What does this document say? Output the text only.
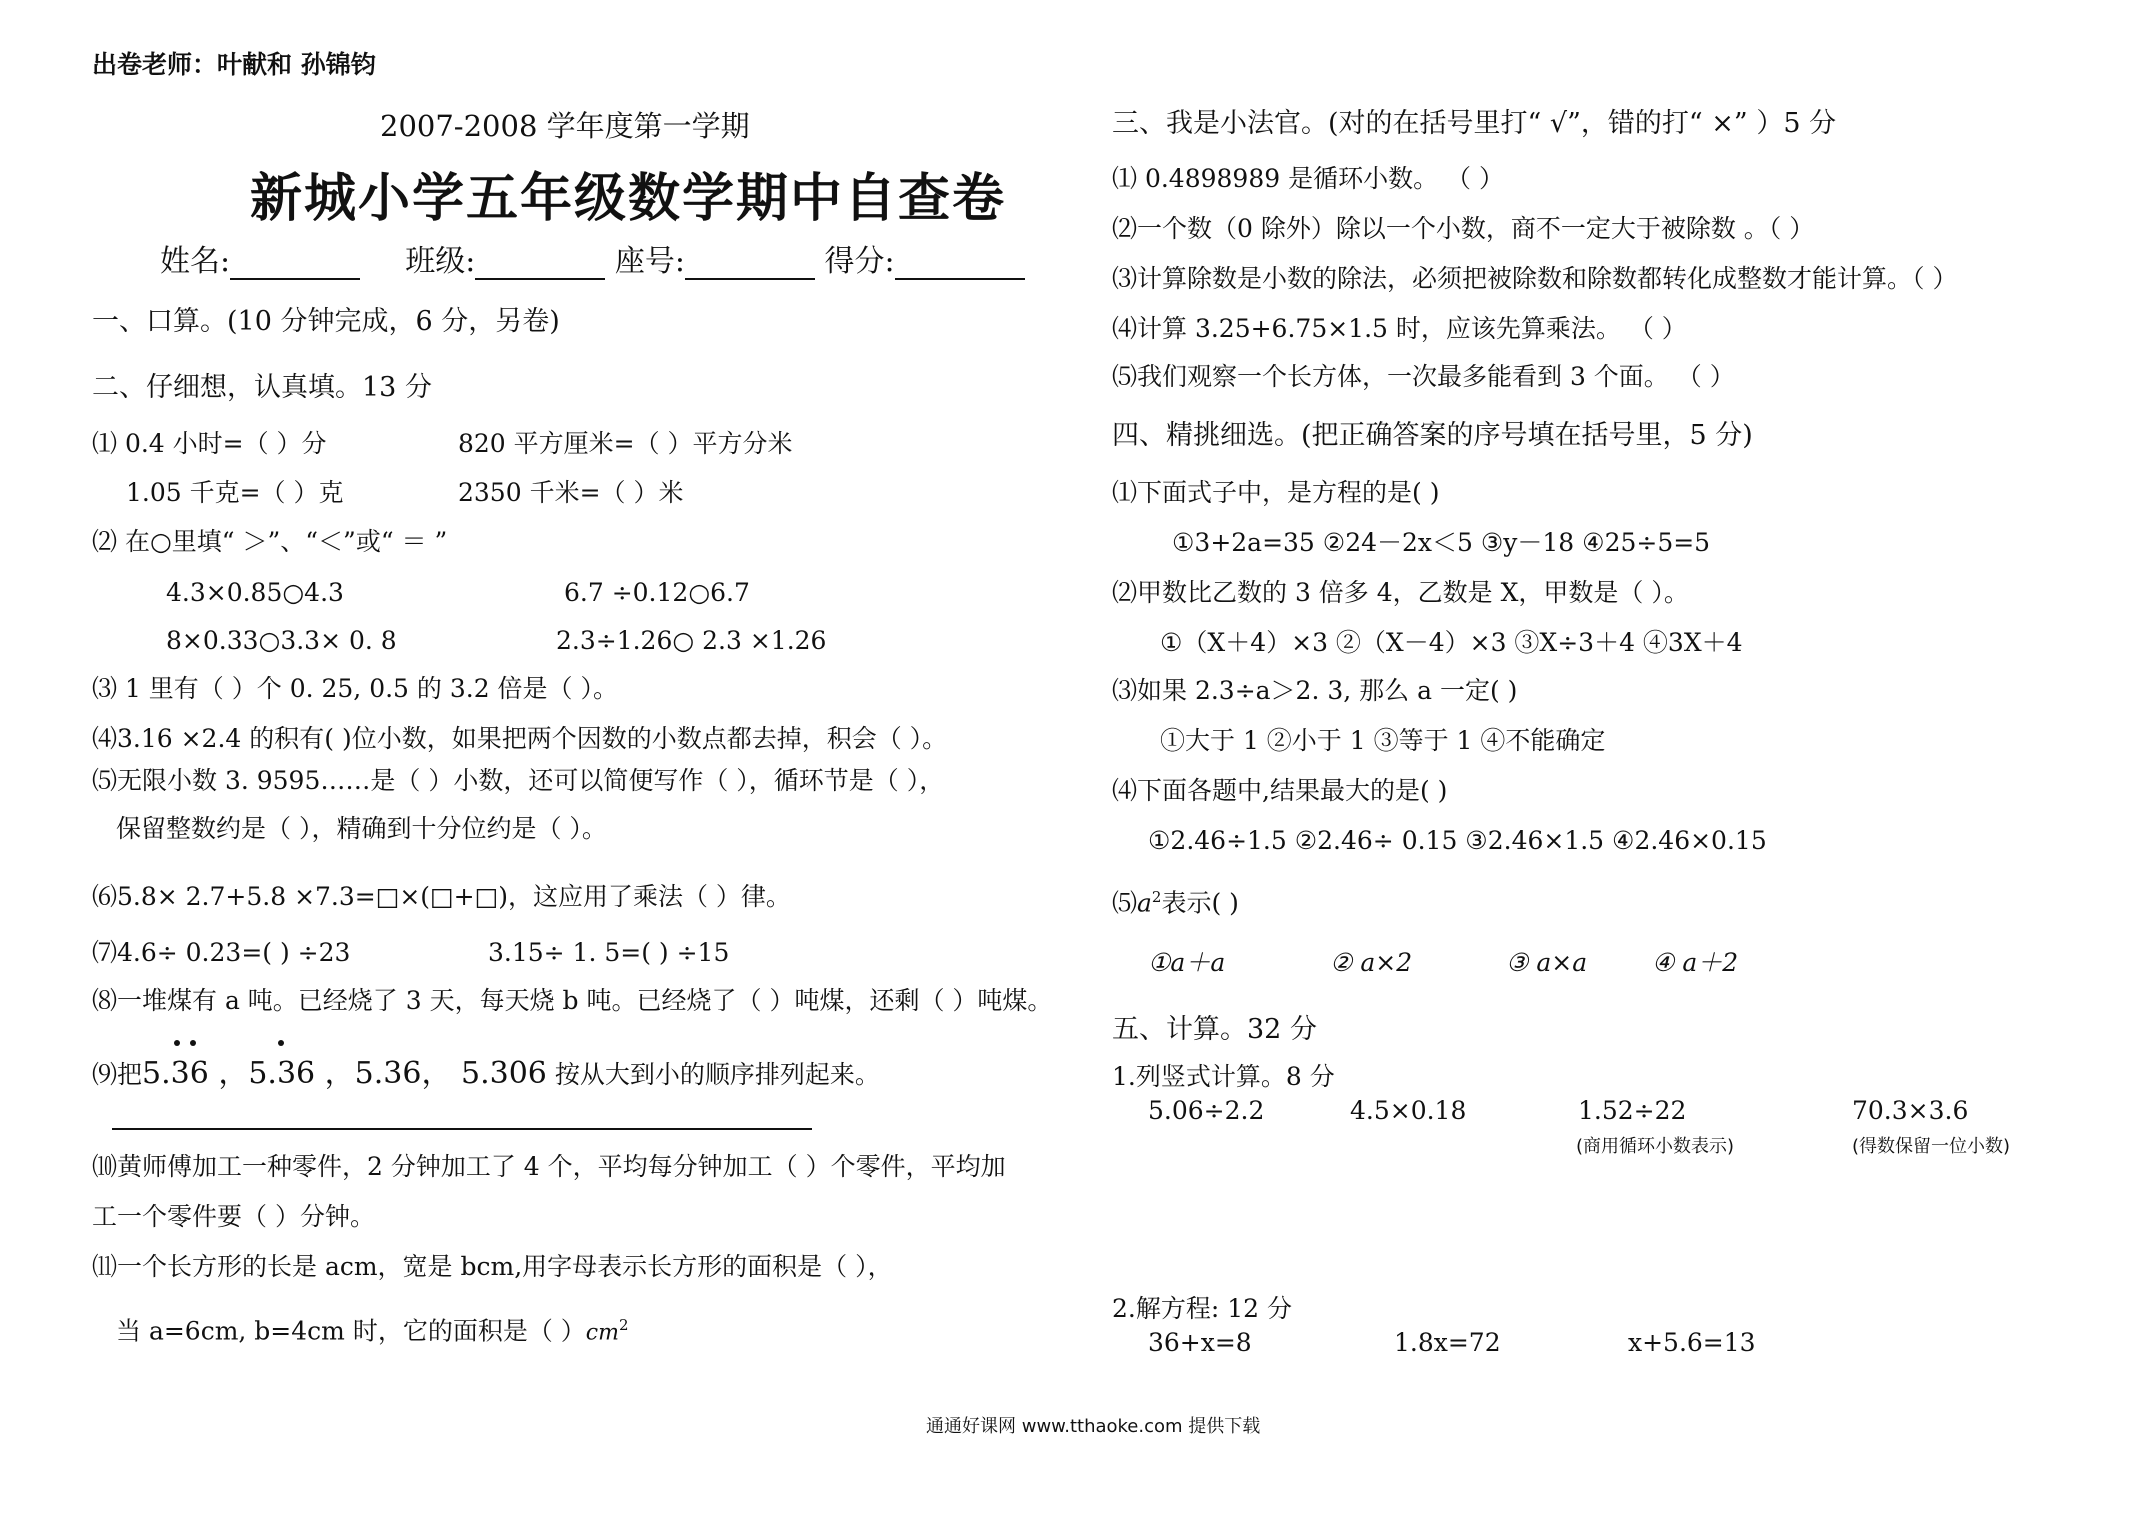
出卷老师：叶献和 孙锦钧
2007-2008 学年度第一学期
新城小学五年级数学期中自查卷
姓名:	班级:	座号:	得分:
一、口算。(10 分钟完成，6 分，另卷)
二、仔细想，认真填。13 分
⑴ 0.4 小时=（ ）分	820 平方厘米=（ ）平方分米
1.05 千克=（ ）克	2350 千米=（ ）米
⑵ 在○里填“ ＞”、“＜”或“ ＝ ”
4.3×0.85○4.3	6.7 ÷0.12○6.7
8×0.33○3.3× 0. 8	2.3÷1.26○ 2.3 ×1.26
⑶ 1 里有（ ）个 0. 25, 0.5 的 3.2 倍是（ ）。
⑷3.16 ×2.4 的积有( )位小数，如果把两个因数的小数点都去掉，积会（ ）。
⑸无限小数 3. 9595……是（ ）小数，还可以简便写作（ ），循环节是（ ），
保留整数约是（ ），精确到十分位约是（ ）。
⑹5.8× 2.7+5.8 ×7.3=□×(□+□)，这应用了乘法（ ）律。
⑺4.6÷ 0.23=( ) ÷23	3.15÷ 1. 5=( ) ÷15
⑻一堆煤有 a 吨。已经烧了 3 天，每天烧 b 吨。已经烧了（ ）吨煤，还剩（ ）吨煤。
⑼把5.36 ，5.36 ，5.36， 5.306 按从大到小的顺序排列起来。
⑽黄师傅加工一种零件，2 分钟加工了 4 个，平均每分钟加工（ ）个零件，平均加
工一个零件要（ ）分钟。
⑾一个长方形的长是 acm，宽是 bcm,用字母表示长方形的面积是（ ），
当 a=6cm, b=4cm 时，它的面积是（ ）$cm^2$
三、我是小法官。(对的在括号里打“ √”，错的打“ ×” ）5 分
⑴ 0.4898989 是循环小数。 （ ）
⑵一个数（0 除外）除以一个小数，商不一定大于被除数 。（ ）
⑶计算除数是小数的除法，必须把被除数和除数都转化成整数才能计算。（ ）
⑷计算 3.25+6.75×1.5 时，应该先算乘法。 （ ）
⑸我们观察一个长方体，一次最多能看到 3 个面。 （ ）
四、精挑细选。(把正确答案的序号填在括号里，5 分)
⑴下面式子中，是方程的是( )
①3+2a=35 ②24－2x＜5 ③y－18 ④25÷5=5
⑵甲数比乙数的 3 倍多 4，乙数是 X，甲数是（ ）。
①（X＋4）×3 ②（X－4）×3 ③X÷3＋4 ④3X＋4
⑶如果 2.3÷a＞2. 3, 那么 a 一定( )
①大于 1 ②小于 1 ③等于 1 ④不能确定
⑷下面各题中,结果最大的是( )
①2.46÷1.5 ②2.46÷ 0.15 ③2.46×1.5 ④2.46×0.15
$⑸a^2$表示( )
①a＋a	② a×2	③ a×a	④ a＋2
五、计算。32 分
1.列竖式计算。8 分
5.06÷2.2	4.5×0.18	1.52÷22	70.3×3.6
(商用循环小数表示)	(得数保留一位小数)
2.解方程: 12 分
36+x=8	1.8x=72	x+5.6=13
通通好课网 www.tthaoke.com 提供下载
